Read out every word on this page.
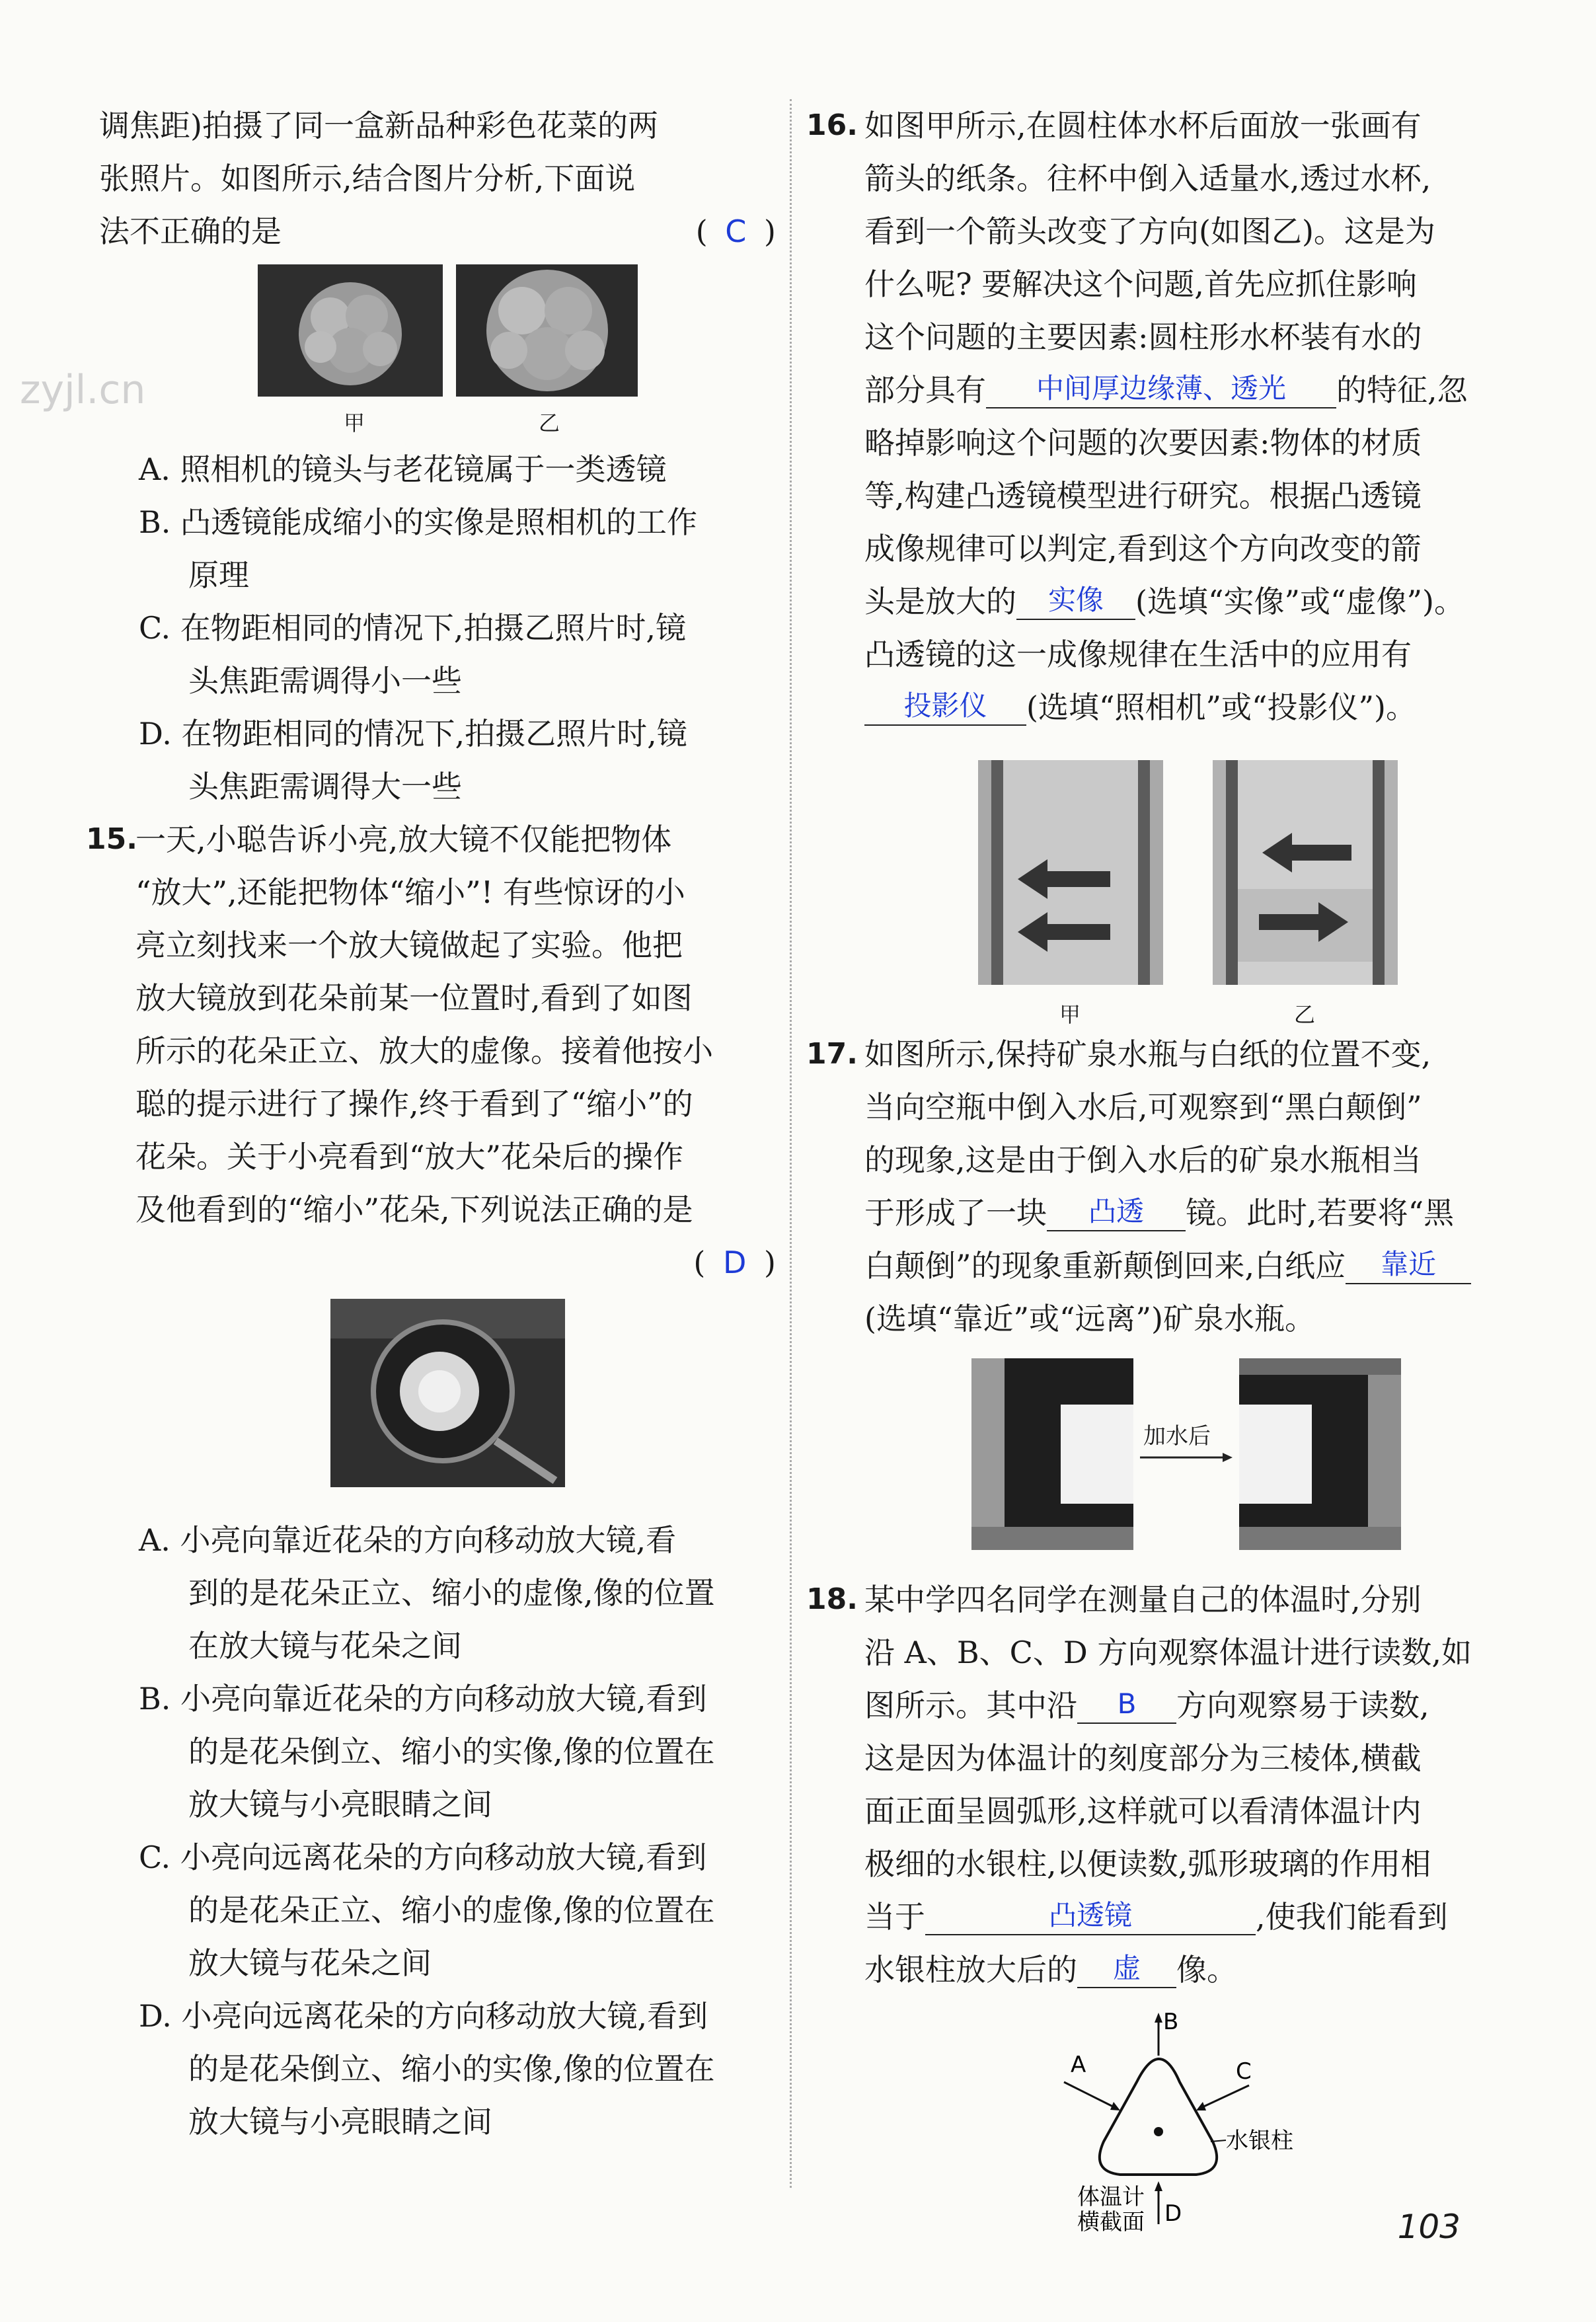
zyjl.cn

调焦距)拍摄了同一盒新品种彩色花菜的两

张照片。如图所示,结合图片分析,下面说

法不正确的是	( C )

甲	乙

A. 照相机的镜头与老花镜属于一类透镜

B. 凸透镜能成缩小的实像是照相机的工作
原理

C. 在物距相同的情况下,拍摄乙照片时,镜
头焦距需调得小一些

D. 在物距相同的情况下,拍摄乙照片时,镜
头焦距需调得大一些

15.

一天,小聪告诉小亮,放大镜不仅能把物体

“放大”,还能把物体“缩小”! 有些惊讶的小

亮立刻找来一个放大镜做起了实验。他把

放大镜放到花朵前某一位置时,看到了如图

所示的花朵正立、放大的虚像。接着他按小

聪的提示进行了操作,终于看到了“缩小”的

花朵。关于小亮看到“放大”花朵后的操作

及他看到的“缩小”花朵,下列说法正确的是

( D )

A. 小亮向靠近花朵的方向移动放大镜,看
到的是花朵正立、缩小的虚像,像的位置
在放大镜与花朵之间

B. 小亮向靠近花朵的方向移动放大镜,看到
的是花朵倒立、缩小的实像,像的位置在
放大镜与小亮眼睛之间

C. 小亮向远离花朵的方向移动放大镜,看到
的是花朵正立、缩小的虚像,像的位置在
放大镜与花朵之间

D. 小亮向远离花朵的方向移动放大镜,看到
的是花朵倒立、缩小的实像,像的位置在
放大镜与小亮眼睛之间

16. 如图甲所示,在圆柱体水杯后面放一张画有

箭头的纸条。往杯中倒入适量水,透过水杯,

看到一个箭头改变了方向(如图乙)。这是为

什么呢? 要解决这个问题,首先应抓住影响

这个问题的主要因素:圆柱形水杯装有水的

部分具有 中间厚边缘薄、透光 的特征,忽

略掉影响这个问题的次要因素:物体的材质

等,构建凸透镜模型进行研究。根据凸透镜

成像规律可以判定,看到这个方向改变的箭

头是放大的 实像 (选填“实像”或“虚像”)。

凸透镜的这一成像规律在生活中的应用有

投影仪 (选填“照相机”或“投影仪”)。

甲	乙
17. 如图所示,保持矿泉水瓶与白纸的位置不变,

当向空瓶中倒入水后,可观察到“黑白颠倒”

的现象,这是由于倒入水后的矿泉水瓶相当

于形成了一块 凸透 镜。此时,若要将“黑

白颠倒”的现象重新颠倒回来,白纸应 靠近

(选填“靠近”或“远离”)矿泉水瓶。

加水后
18. 某中学四名同学在测量自己的体温时,分别

沿 A、B、C、D 方向观察体温计进行读数,如

图所示。其中沿 B 方向观察易于读数,

这是因为体温计的刻度部分为三棱体,横截

面正面呈圆弧形,这样就可以看清体温计内

极细的水银柱,以便读数,弧形玻璃的作用相

当于	凸透镜	,使我们能看到

水银柱放大后的 虚 像。

B
A	C
D
水银柱
体温计
横截面	103
